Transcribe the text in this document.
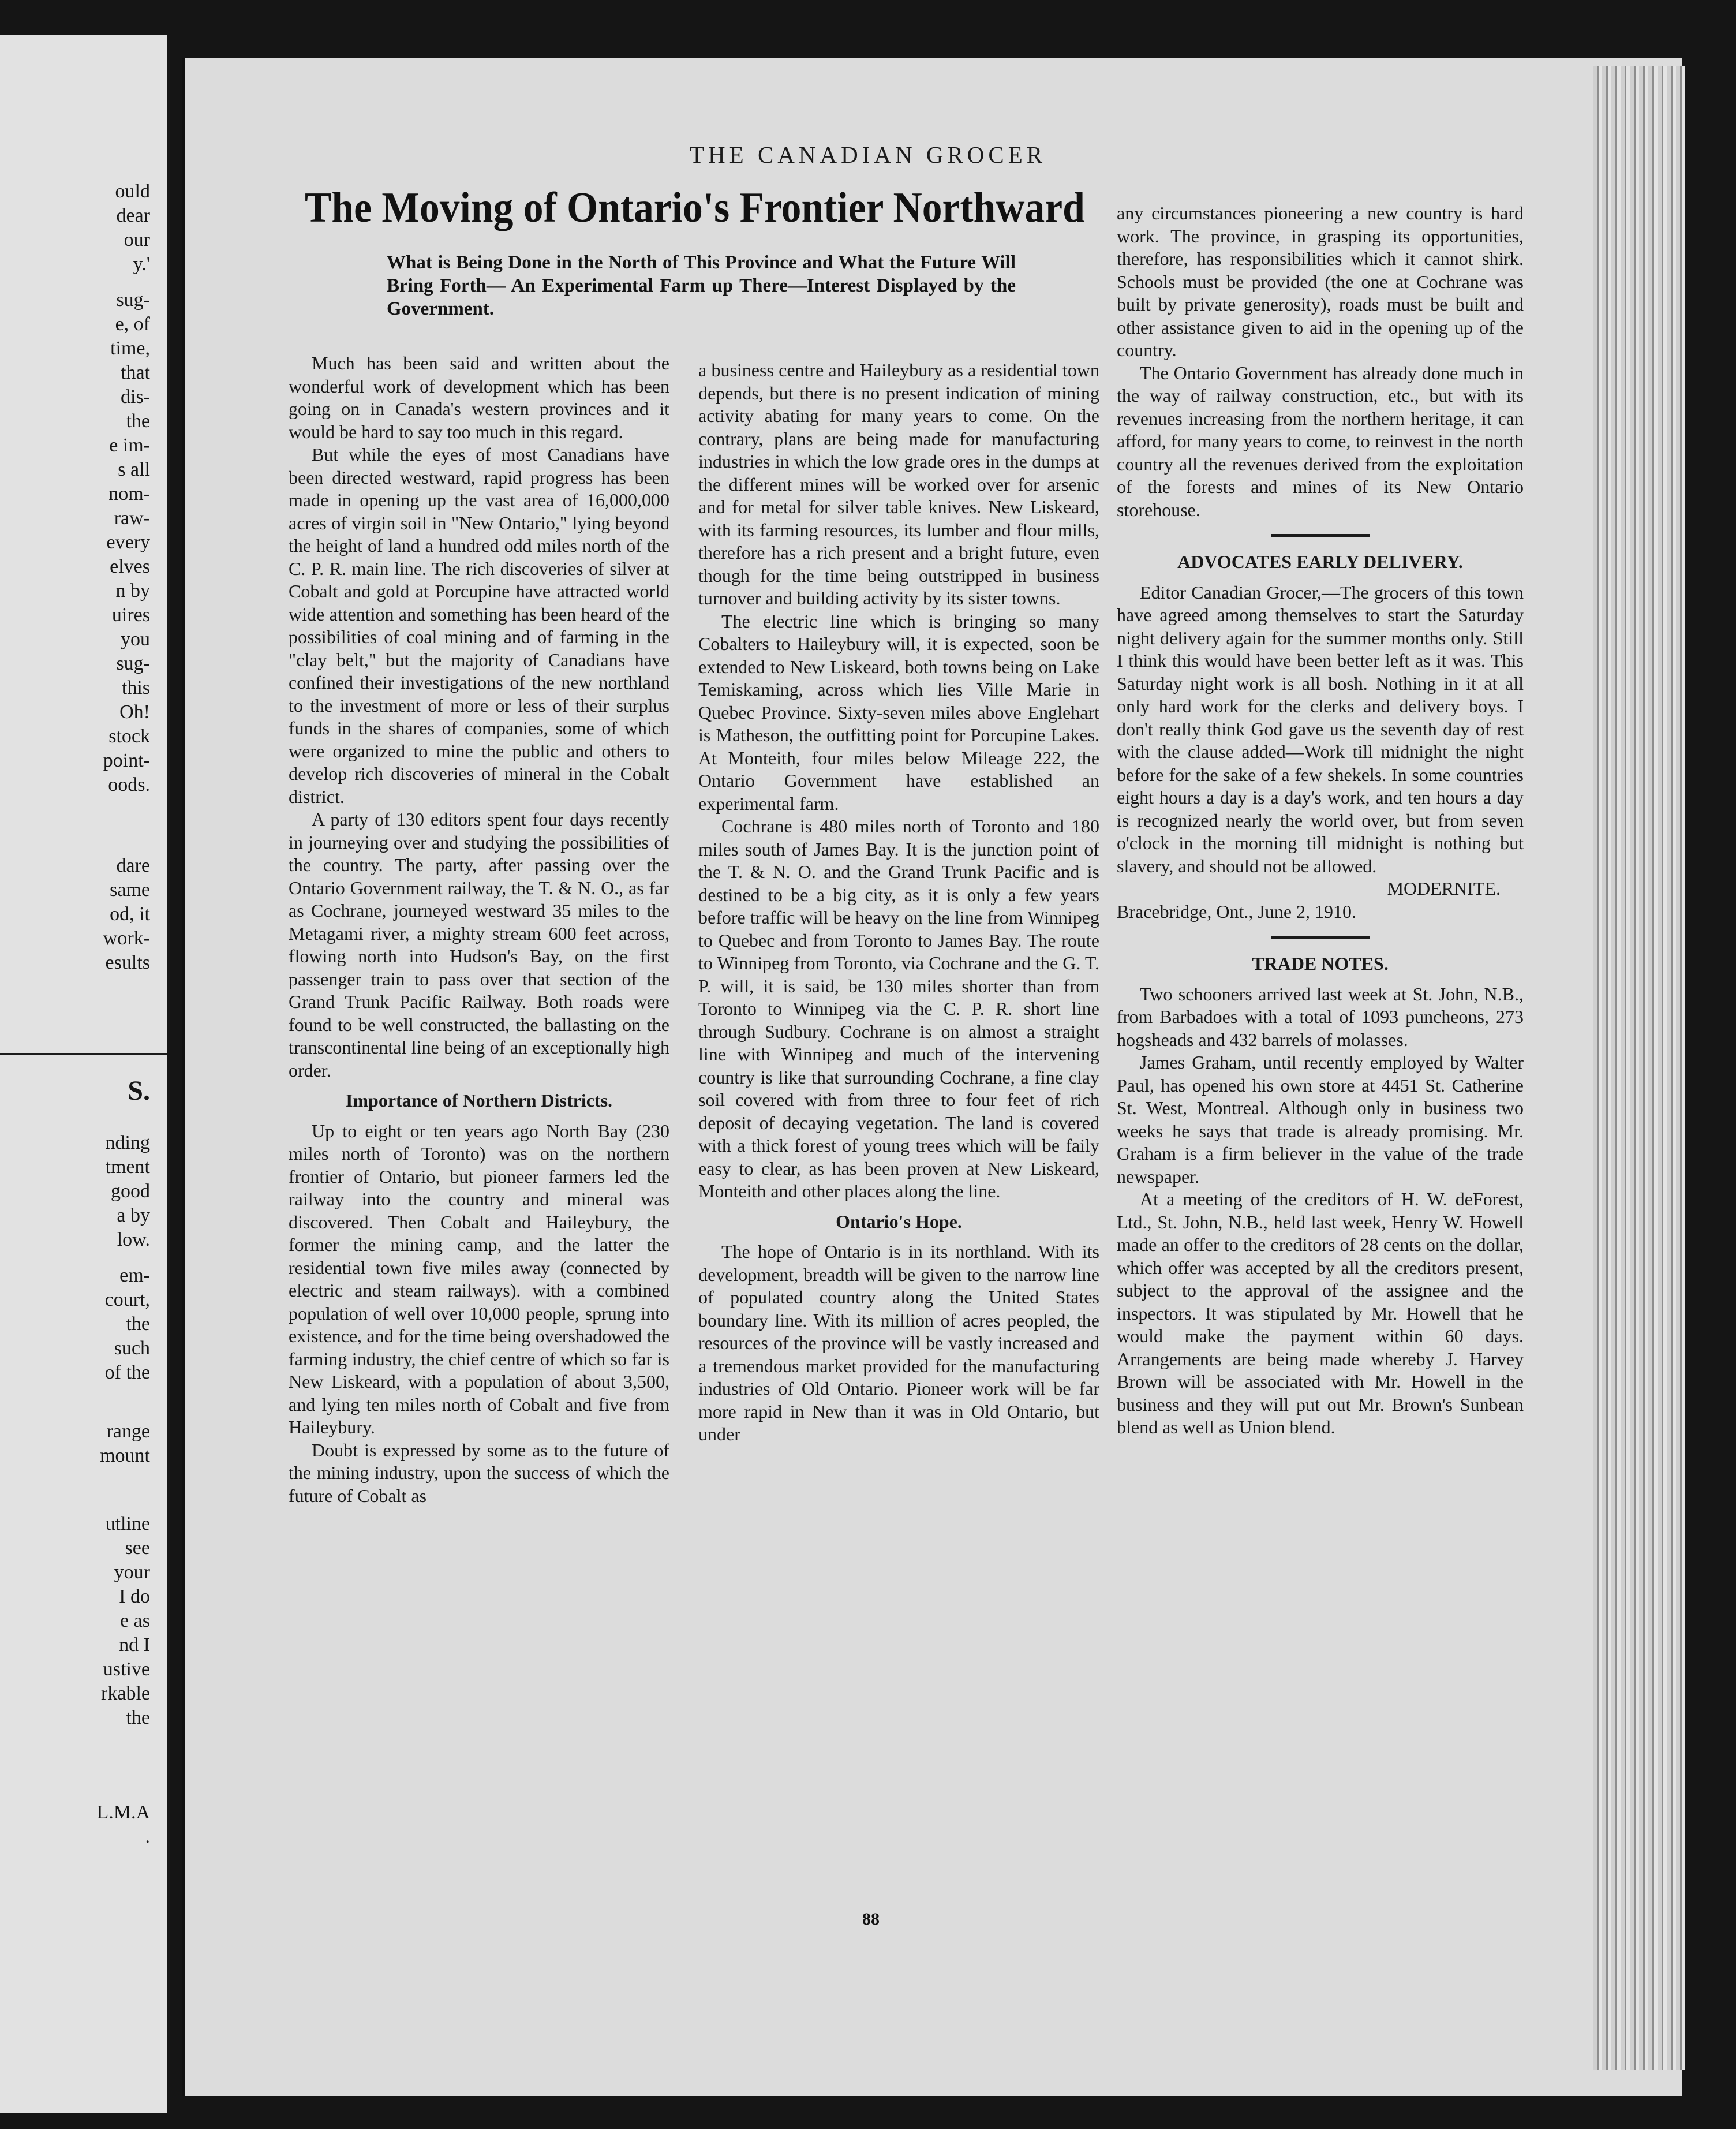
ould
dear
our
y.'
sug-
e, of
time,
that
dis-
the
e im-
s all
nom-
raw-
every
elves
n by
uires
you
sug-
this
Oh!
stock
point-
oods.
dare
same
od, it
work-
esults
S.
nding
tment
good
a by
low.
em-
court,
the
such
of the
range
mount
utline
see
your
I do
e as
nd I
ustive
rkable
the
L.M.A
.
THE CANADIAN GROCER
The Moving of Ontario's Frontier Northward
What is Being Done in the North of This Province and What the Future Will Bring Forth— An Experimental Farm up There—Interest Displayed by the Government.

Much has been said and written about the wonderful work of development which has been going on in Canada's western provinces and it would be hard to say too much in this regard.

But while the eyes of most Canadians have been directed westward, rapid progress has been made in opening up the vast area of 16,000,000 acres of virgin soil in "New Ontario," lying beyond the height of land a hundred odd miles north of the C. P. R. main line. The rich discoveries of silver at Cobalt and gold at Porcupine have attracted world wide attention and something has been heard of the possibilities of coal mining and of farming in the "clay belt," but the majority of Canadians have confined their investigations of the new northland to the investment of more or less of their surplus funds in the shares of companies, some of which were organized to mine the public and others to develop rich discoveries of mineral in the Cobalt district.

A party of 130 editors spent four days recently in journeying over and studying the possibilities of the country. The party, after passing over the Ontario Government railway, the T. & N. O., as far as Cochrane, journeyed westward 35 miles to the Metagami river, a mighty stream 600 feet across, flowing north into Hudson's Bay, on the first passenger train to pass over that section of the Grand Trunk Pacific Railway. Both roads were found to be well constructed, the ballasting on the transcontinental line being of an exceptionally high order.

Importance of Northern Districts.

Up to eight or ten years ago North Bay (230 miles north of Toronto) was on the northern frontier of Ontario, but pioneer farmers led the railway into the country and mineral was discovered. Then Cobalt and Haileybury, the former the mining camp, and the latter the residential town five miles away (connected by electric and steam railways). with a combined population of well over 10,000 people, sprung into existence, and for the time being overshadowed the farming industry, the chief centre of which so far is New Liskeard, with a population of about 3,500, and lying ten miles north of Cobalt and five from Haileybury.

Doubt is expressed by some as to the future of the mining industry, upon the success of which the future of Cobalt as

a business centre and Haileybury as a residential town depends, but there is no present indication of mining activity abating for many years to come. On the contrary, plans are being made for manufacturing industries in which the low grade ores in the dumps at the different mines will be worked over for arsenic and for metal for silver table knives. New Liskeard, with its farming resources, its lumber and flour mills, therefore has a rich present and a bright future, even though for the time being outstripped in business turnover and building activity by its sister towns.

The electric line which is bringing so many Cobalters to Haileybury will, it is expected, soon be extended to New Liskeard, both towns being on Lake Temiskaming, across which lies Ville Marie in Quebec Province. Sixty-seven miles above Englehart is Matheson, the outfitting point for Porcupine Lakes. At Monteith, four miles below Mileage 222, the Ontario Government have established an experimental farm.

Cochrane is 480 miles north of Toronto and 180 miles south of James Bay. It is the junction point of the T. & N. O. and the Grand Trunk Pacific and is destined to be a big city, as it is only a few years before traffic will be heavy on the line from Winnipeg to Quebec and from Toronto to James Bay. The route to Winnipeg from Toronto, via Cochrane and the G. T. P. will, it is said, be 130 miles shorter than from Toronto to Winnipeg via the C. P. R. short line through Sudbury. Cochrane is on almost a straight line with Winnipeg and much of the intervening country is like that surrounding Cochrane, a fine clay soil covered with from three to four feet of rich deposit of decaying vegetation. The land is covered with a thick forest of young trees which will be faily easy to clear, as has been proven at New Liskeard, Monteith and other places along the line.

Ontario's Hope.

The hope of Ontario is in its northland. With its development, breadth will be given to the narrow line of populated country along the United States boundary line. With its million of acres peopled, the resources of the province will be vastly increased and a tremendous market provided for the manufacturing industries of Old Ontario. Pioneer work will be far more rapid in New than it was in Old Ontario, but under

any circumstances pioneering a new country is hard work. The province, in grasping its opportunities, therefore, has responsibilities which it cannot shirk. Schools must be provided (the one at Cochrane was built by private generosity), roads must be built and other assistance given to aid in the opening up of the country.

The Ontario Government has already done much in the way of railway construction, etc., but with its revenues increasing from the northern heritage, it can afford, for many years to come, to reinvest in the north country all the revenues derived from the exploitation of the forests and mines of its New Ontario storehouse.

ADVOCATES EARLY DELIVERY.

Editor Canadian Grocer,—The grocers of this town have agreed among themselves to start the Saturday night delivery again for the summer months only. Still I think this would have been better left as it was. This Saturday night work is all bosh. Nothing in it at all only hard work for the clerks and delivery boys. I don't really think God gave us the seventh day of rest with the clause added—Work till midnight the night before for the sake of a few shekels. In some countries eight hours a day is a day's work, and ten hours a day is recognized nearly the world over, but from seven o'clock in the morning till midnight is nothing but slavery, and should not be allowed.

MODERNITE.

Bracebridge, Ont., June 2, 1910.

TRADE NOTES.

Two schooners arrived last week at St. John, N.B., from Barbadoes with a total of 1093 puncheons, 273 hogsheads and 432 barrels of molasses.

James Graham, until recently employed by Walter Paul, has opened his own store at 4451 St. Catherine St. West, Montreal. Although only in business two weeks he says that trade is already promising. Mr. Graham is a firm believer in the value of the trade newspaper.

At a meeting of the creditors of H. W. deForest, Ltd., St. John, N.B., held last week, Henry W. Howell made an offer to the creditors of 28 cents on the dollar, which offer was accepted by all the creditors present, subject to the approval of the assignee and the inspectors. It was stipulated by Mr. Howell that he would make the payment within 60 days. Arrangements are being made whereby J. Harvey Brown will be associated with Mr. Howell in the business and they will put out Mr. Brown's Sunbean blend as well as Union blend.

88
